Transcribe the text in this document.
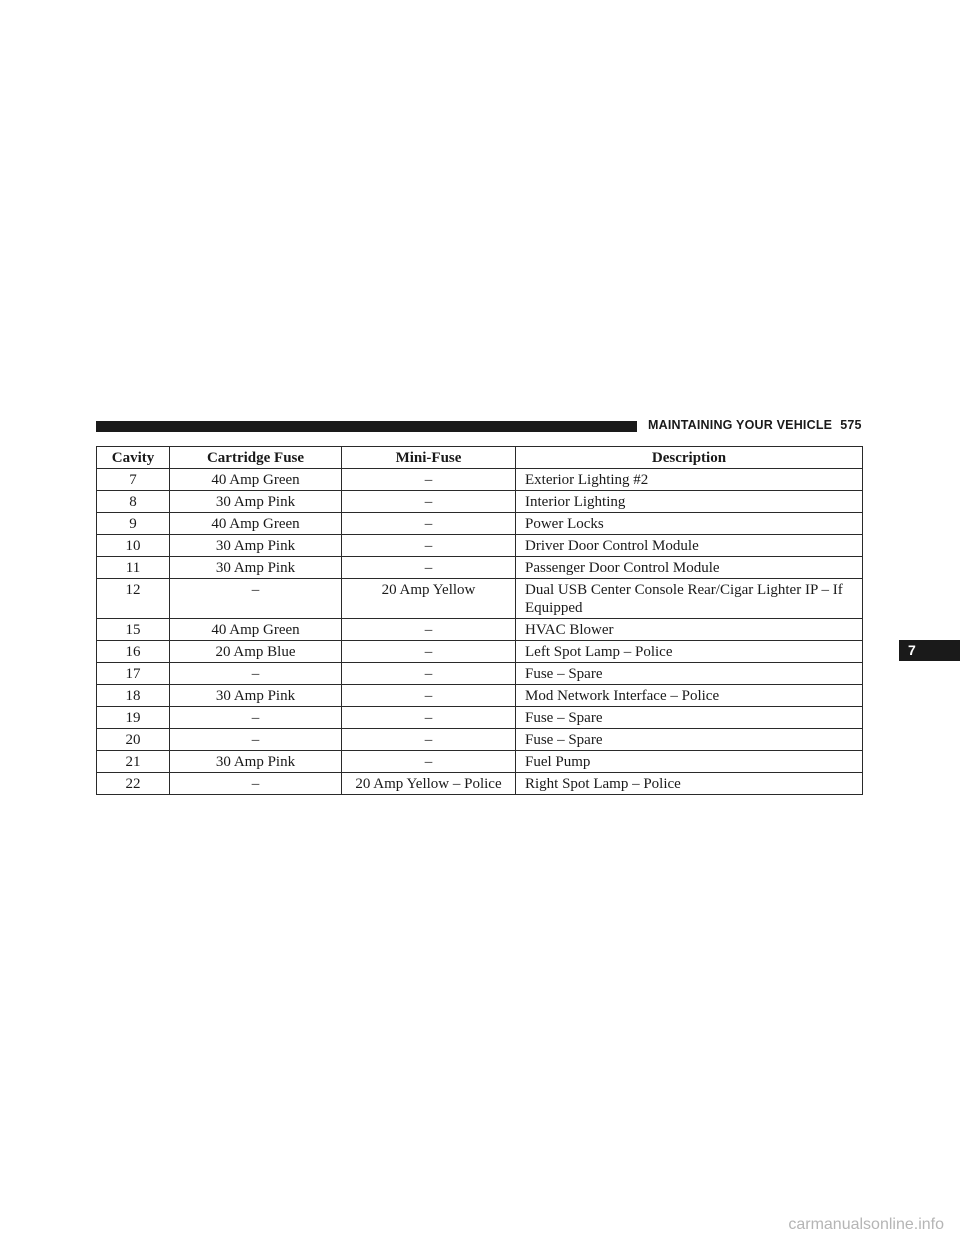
MAINTAINING YOUR VEHICLE 575
Cavity	Cartridge Fuse	Mini-Fuse	Description
7	40 Amp Green	–	Exterior Lighting #2
8	30 Amp Pink	–	Interior Lighting
9	40 Amp Green	–	Power Locks
10	30 Amp Pink	–	Driver Door Control Module
11	30 Amp Pink	–	Passenger Door Control Module
12	–	20 Amp Yellow	Dual USB Center Console Rear/Cigar Lighter IP – If Equipped
15	40 Amp Green	–	HVAC Blower
16	20 Amp Blue	–	Left Spot Lamp – Police
17	–	–	Fuse – Spare
18	30 Amp Pink	–	Mod Network Interface – Police
19	–	–	Fuse – Spare
20	–	–	Fuse – Spare
21	30 Amp Pink	–	Fuel Pump
22	–	20 Amp Yellow – Police	Right Spot Lamp – Police
7
carmanualsonline.info
